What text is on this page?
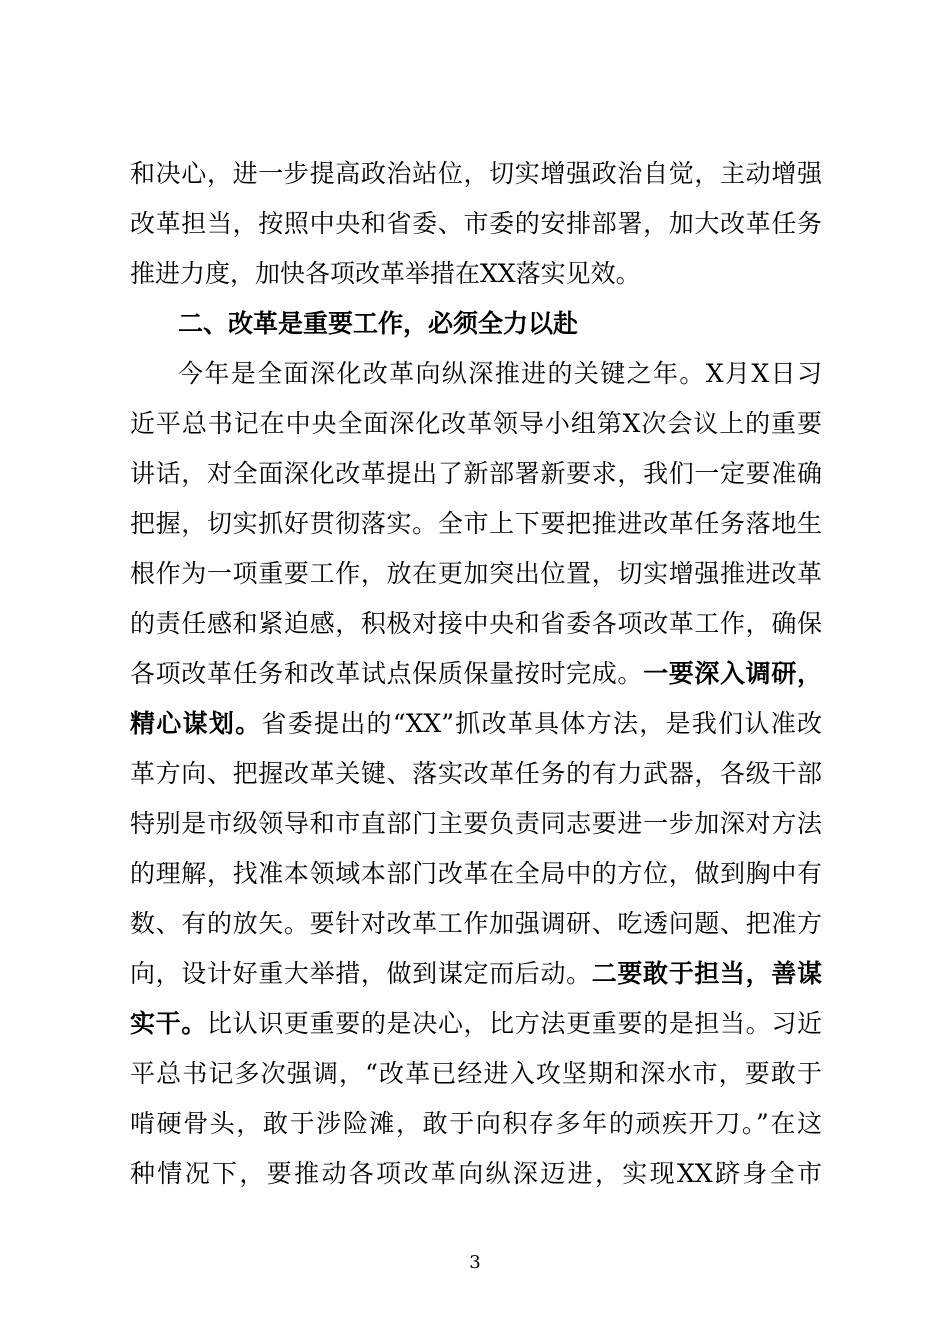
和决心，进一步提高政治站位，切实增强政治自觉，主动增强
改革担当，按照中央和省委、市委的安排部署，加大改革任务
推进力度，加快各项改革举措在XX落实见效。
二、改革是重要工作，必须全力以赴
今年是全面深化改革向纵深推进的关键之年。X月X日习
近平总书记在中央全面深化改革领导小组第X次会议上的重要
讲话，对全面深化改革提出了新部署新要求，我们一定要准确
把握，切实抓好贯彻落实。全市上下要把推进改革任务落地生
根作为一项重要工作，放在更加突出位置，切实增强推进改革
的责任感和紧迫感，积极对接中央和省委各项改革工作，确保
各项改革任务和改革试点保质保量按时完成。一要深入调研，
精心谋划。省委提出的“XX”抓改革具体方法，是我们认准改
革方向、把握改革关键、落实改革任务的有力武器，各级干部
特别是市级领导和市直部门主要负责同志要进一步加深对方法
的理解，找准本领域本部门改革在全局中的方位，做到胸中有
数、有的放矢。要针对改革工作加强调研、吃透问题、把准方
向，设计好重大举措，做到谋定而后动。二要敢于担当，善谋
实干。比认识更重要的是决心，比方法更重要的是担当。习近
平总书记多次强调，“改革已经进入攻坚期和深水市，要敢于
啃硬骨头，敢于涉险滩，敢于向积存多年的顽疾开刀。”在这
种情况下，要推动各项改革向纵深迈进，实现XX跻身全市
3
